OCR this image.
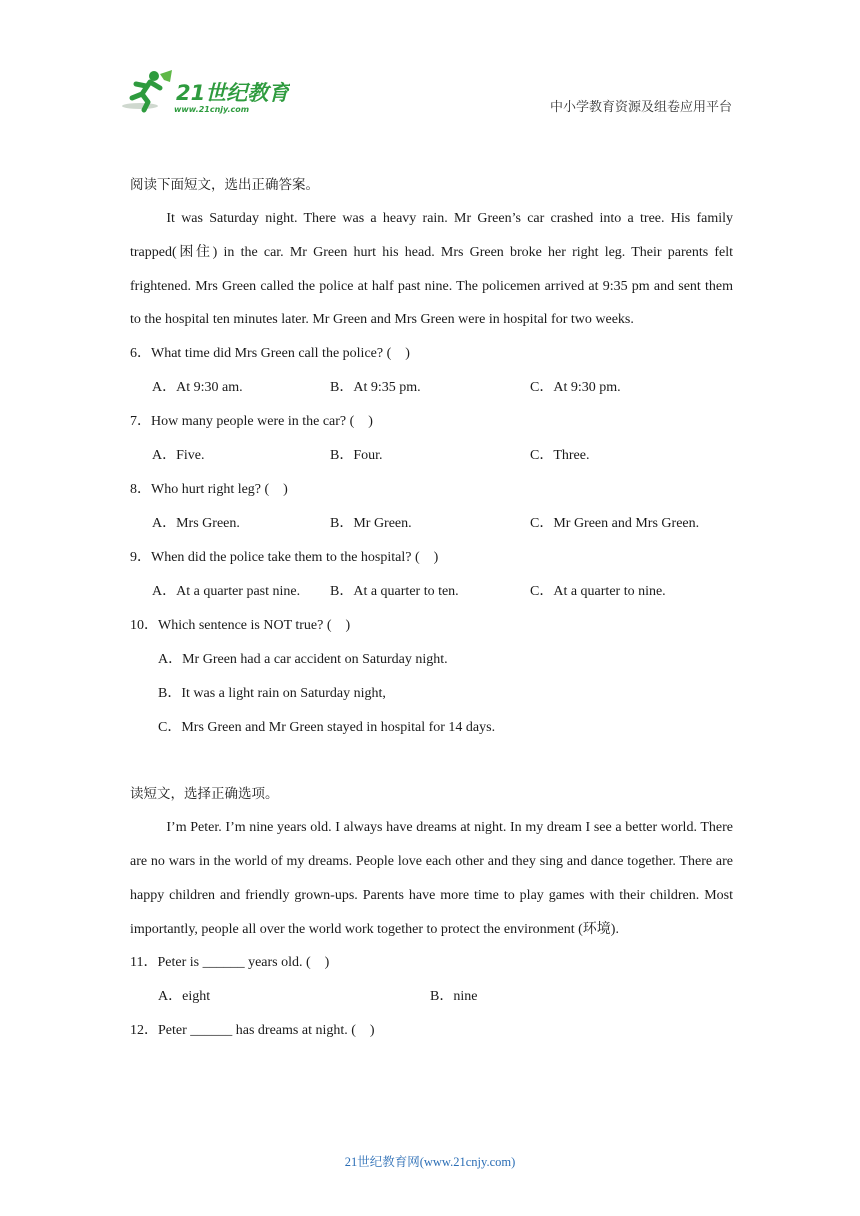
21世纪教育
www.21cnjy.com	中小学教育资源及组卷应用平台
阅读下面短文，选出正确答案。

It was Saturday night. There was a heavy rain. Mr Green’s car crashed into a tree. His family trapped(困住) in the car. Mr Green hurt his head. Mrs Green broke her right leg. Their parents felt frightened. Mrs Green called the police at half past nine. The policemen arrived at 9:35 pm and sent them to the hospital ten minutes later. Mr Green and Mrs Green were in hospital for two weeks.

6．What time did Mrs Green call the police? (　)
A．At 9:30 am.	B．At 9:35 pm.	C．At 9:30 pm.
7．How many people were in the car? (　)
A．Five.	B．Four.	C．Three.
8．Who hurt right leg? (　)
A．Mrs Green.	B．Mr Green.	C．Mr Green and Mrs Green.
9．When did the police take them to the hospital? (　)
A．At a quarter past nine. B．At a quarter to ten.	C．At a quarter to nine.
10．Which sentence is NOT true? (　)
A．Mr Green had a car accident on Saturday night.
B．It was a light rain on Saturday night,
C．Mrs Green and Mr Green stayed in hospital for 14 days.
读短文，选择正确选项。

I’m Peter. I’m nine years old. I always have dreams at night. In my dream I see a better world. There are no wars in the world of my dreams. People love each other and they sing and dance together. There are happy children and friendly grown-ups. Parents have more time to play games with their children. Most importantly, people all over the world work together to protect the environment (环境).

11．Peter is ______ years old. (　)
A．eight	B．nine
12．Peter ______ has dreams at night. (　)
21世纪教育网(www.21cnjy.com)
